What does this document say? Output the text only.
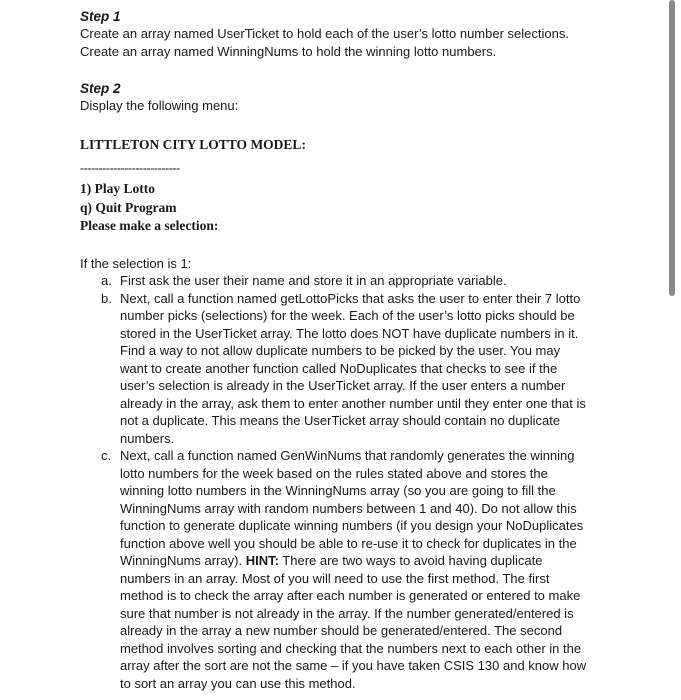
Step 1

Create an array named UserTicket to hold each of the user’s lotto number selections.

Create an array named WinningNums to hold the winning lotto numbers.

Step 2

Display the following menu:

LITTLETON CITY LOTTO MODEL:

---------------------------

1) Play Lotto

q) Quit Program

Please make a selection:

If the selection is 1:

a. First ask the user their name and store it in an appropriate variable.
b. Next, call a function named getLottoPicks that asks the user to enter their 7 lotto
number picks (selections) for the week. Each of the user’s lotto picks should be
stored in the UserTicket array. The lotto does NOT have duplicate numbers in it.
Find a way to not allow duplicate numbers to be picked by the user. You may
want to create another function called NoDuplicates that checks to see if the
user’s selection is already in the UserTicket array. If the user enters a number
already in the array, ask them to enter another number until they enter one that is
not a duplicate. This means the UserTicket array should contain no duplicate
numbers.
c. Next, call a function named GenWinNums that randomly generates the winning
lotto numbers for the week based on the rules stated above and stores the
winning lotto numbers in the WinningNums array (so you are going to fill the
WinningNums array with random numbers between 1 and 40). Do not allow this
function to generate duplicate winning numbers (if you design your NoDuplicates
function above well you should be able to re-use it to check for duplicates in the
WinningNums array). HINT: There are two ways to avoid having duplicate
numbers in an array. Most of you will need to use the first method. The first
method is to check the array after each number is generated or entered to make
sure that number is not already in the array. If the number generated/entered is
already in the array a new number should be generated/entered. The second
method involves sorting and checking that the numbers next to each other in the
array after the sort are not the same – if you have taken CSIS 130 and know how
to sort an array you can use this method.
